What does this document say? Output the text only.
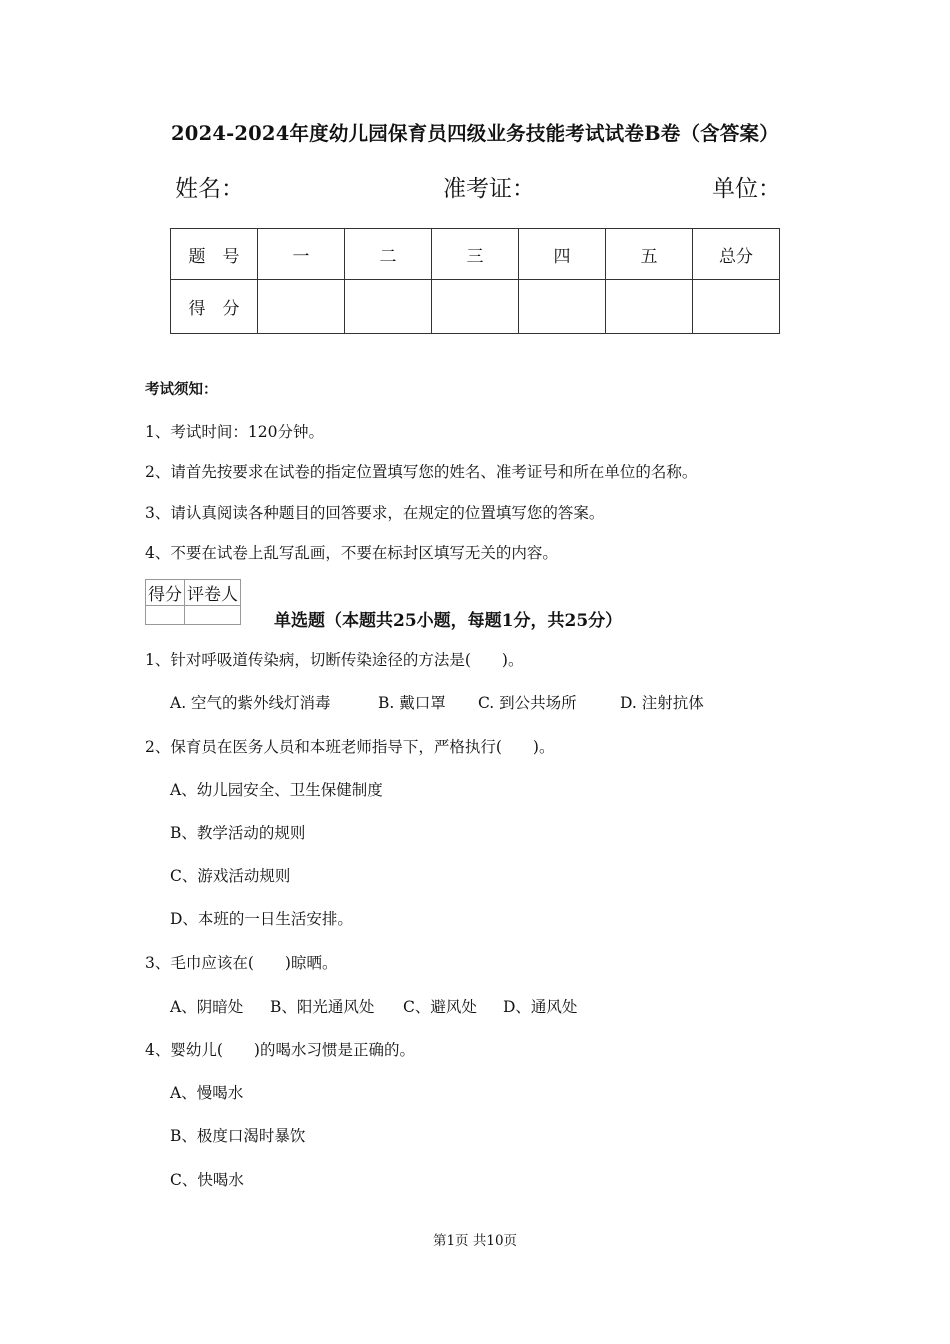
2024-2024年度幼儿园保育员四级业务技能考试试卷B卷（含答案）
姓名：	准考证：	单位：
题　号	一	二	三	四	五	总分
得　分						
考试须知：
1、考试时间：120分钟。
2、请首先按要求在试卷的指定位置填写您的姓名、准考证号和所在单位的名称。
3、请认真阅读各种题目的回答要求，在规定的位置填写您的答案。
4、不要在试卷上乱写乱画，不要在标封区填写无关的内容。
得分	评卷人

单选题（本题共25小题，每题1分，共25分）
1、针对呼吸道传染病，切断传染途径的方法是(　　)。
A. 空气的紫外线灯消毒	B. 戴口罩 C. 到公共场所	D. 注射抗体
2、保育员在医务人员和本班老师指导下，严格执行(　　)。
A、幼儿园安全、卫生保健制度
B、教学活动的规则
C、游戏活动规则
D、本班的一日生活安排。
3、毛巾应该在(　　)晾晒。
A、阴暗处 B、阳光通风处 C、避风处 D、通风处
4、婴幼儿(　　)的喝水习惯是正确的。
A、慢喝水
B、极度口渴时暴饮
C、快喝水
第1页 共10页
